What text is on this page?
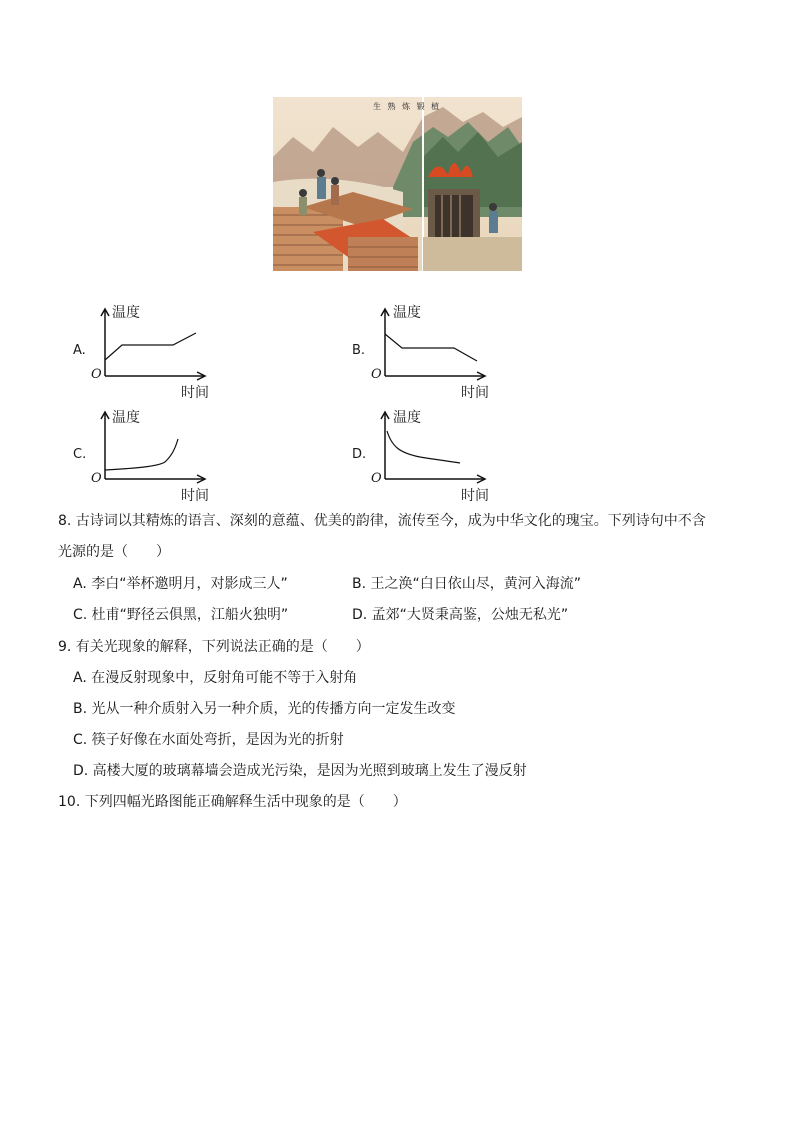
生 熟 炼 锻 植
A.
温度
时间
O
B.
温度
时间
O
C.
温度
时间
O
D.
温度
时间
O
8. 古诗词以其精炼的语言、深刻的意蕴、优美的韵律，流传至今，成为中华文化的瑰宝。下列诗句中不含
光源的是（　　）
A. 李白“举杯邀明月，对影成三人”	B. 王之涣“白日依山尽，黄河入海流”
C. 杜甫“野径云俱黑，江船火独明”	D. 孟郊“大贤秉高鉴，公烛无私光”
9. 有关光现象的解释，下列说法正确的是（　　）
A. 在漫反射现象中，反射角可能不等于入射角
B. 光从一种介质射入另一种介质，光的传播方向一定发生改变
C. 筷子好像在水面处弯折，是因为光的折射
D. 高楼大厦的玻璃幕墙会造成光污染，是因为光照到玻璃上发生了漫反射
10. 下列四幅光路图能正确解释生活中现象的是（　　）
